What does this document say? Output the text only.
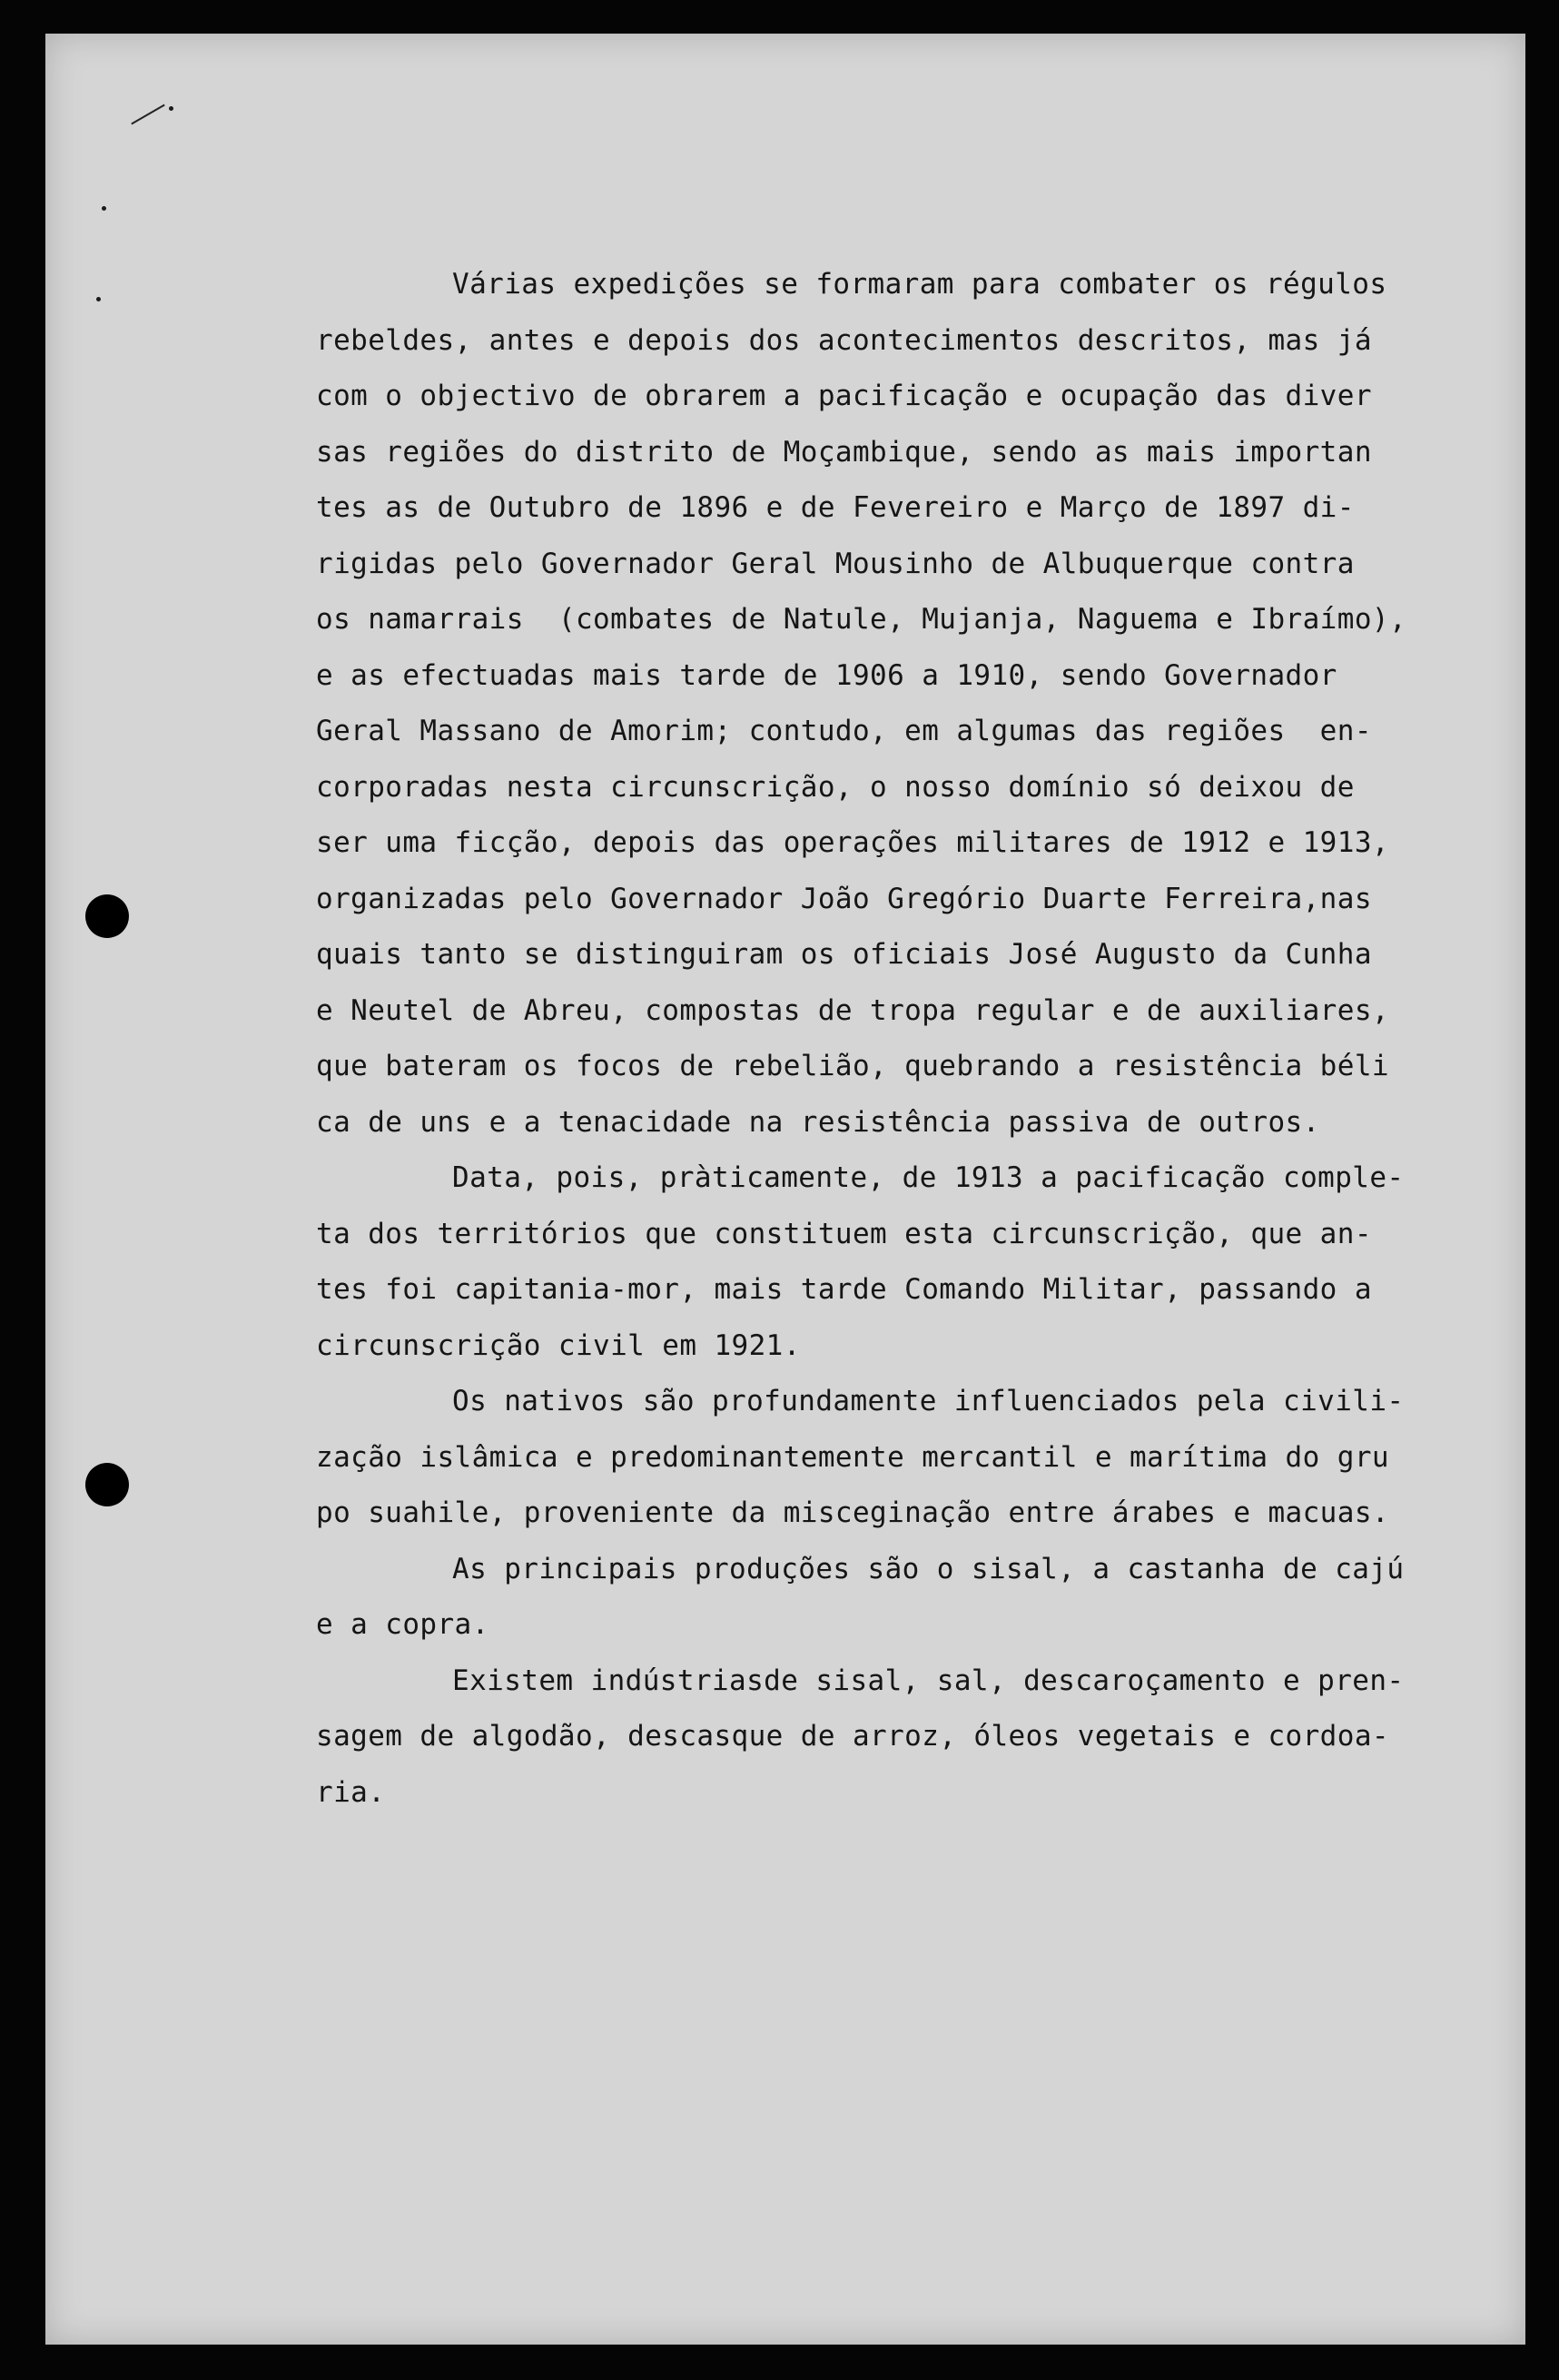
Várias expedições se formaram para combater os régulos
rebeldes, antes e depois dos acontecimentos descritos, mas já
com o objectivo de obrarem a pacificação e ocupação das diver
sas regiões do distrito de Moçambique, sendo as mais importan
tes as de Outubro de 1896 e de Fevereiro e Março de 1897 di-
rigidas pelo Governador Geral Mousinho de Albuquerque contra
os namarrais  (combates de Natule, Mujanja, Naguema e Ibraímo),
e as efectuadas mais tarde de 1906 a 1910, sendo Governador
Geral Massano de Amorim; contudo, em algumas das regiões  en-
corporadas nesta circunscrição, o nosso domínio só deixou de
ser uma ficção, depois das operações militares de 1912 e 1913,
organizadas pelo Governador João Gregório Duarte Ferreira,nas
quais tanto se distinguiram os oficiais José Augusto da Cunha
e Neutel de Abreu, compostas de tropa regular e de auxiliares,
que bateram os focos de rebelião, quebrando a resistência béli
ca de uns e a tenacidade na resistência passiva de outros.
Data, pois, pràticamente, de 1913 a pacificação comple-
ta dos territórios que constituem esta circunscrição, que an-
tes foi capitania-mor, mais tarde Comando Militar, passando a
circunscrição civil em 1921.
Os nativos são profundamente influenciados pela civili-
zação islâmica e predominantemente mercantil e marítima do gru
po suahile, proveniente da misceginação entre árabes e macuas.
As principais produções são o sisal, a castanha de cajú
e a copra.
Existem indústriasde sisal, sal, descaroçamento e pren-
sagem de algodão, descasque de arroz, óleos vegetais e cordoa-
ria.
